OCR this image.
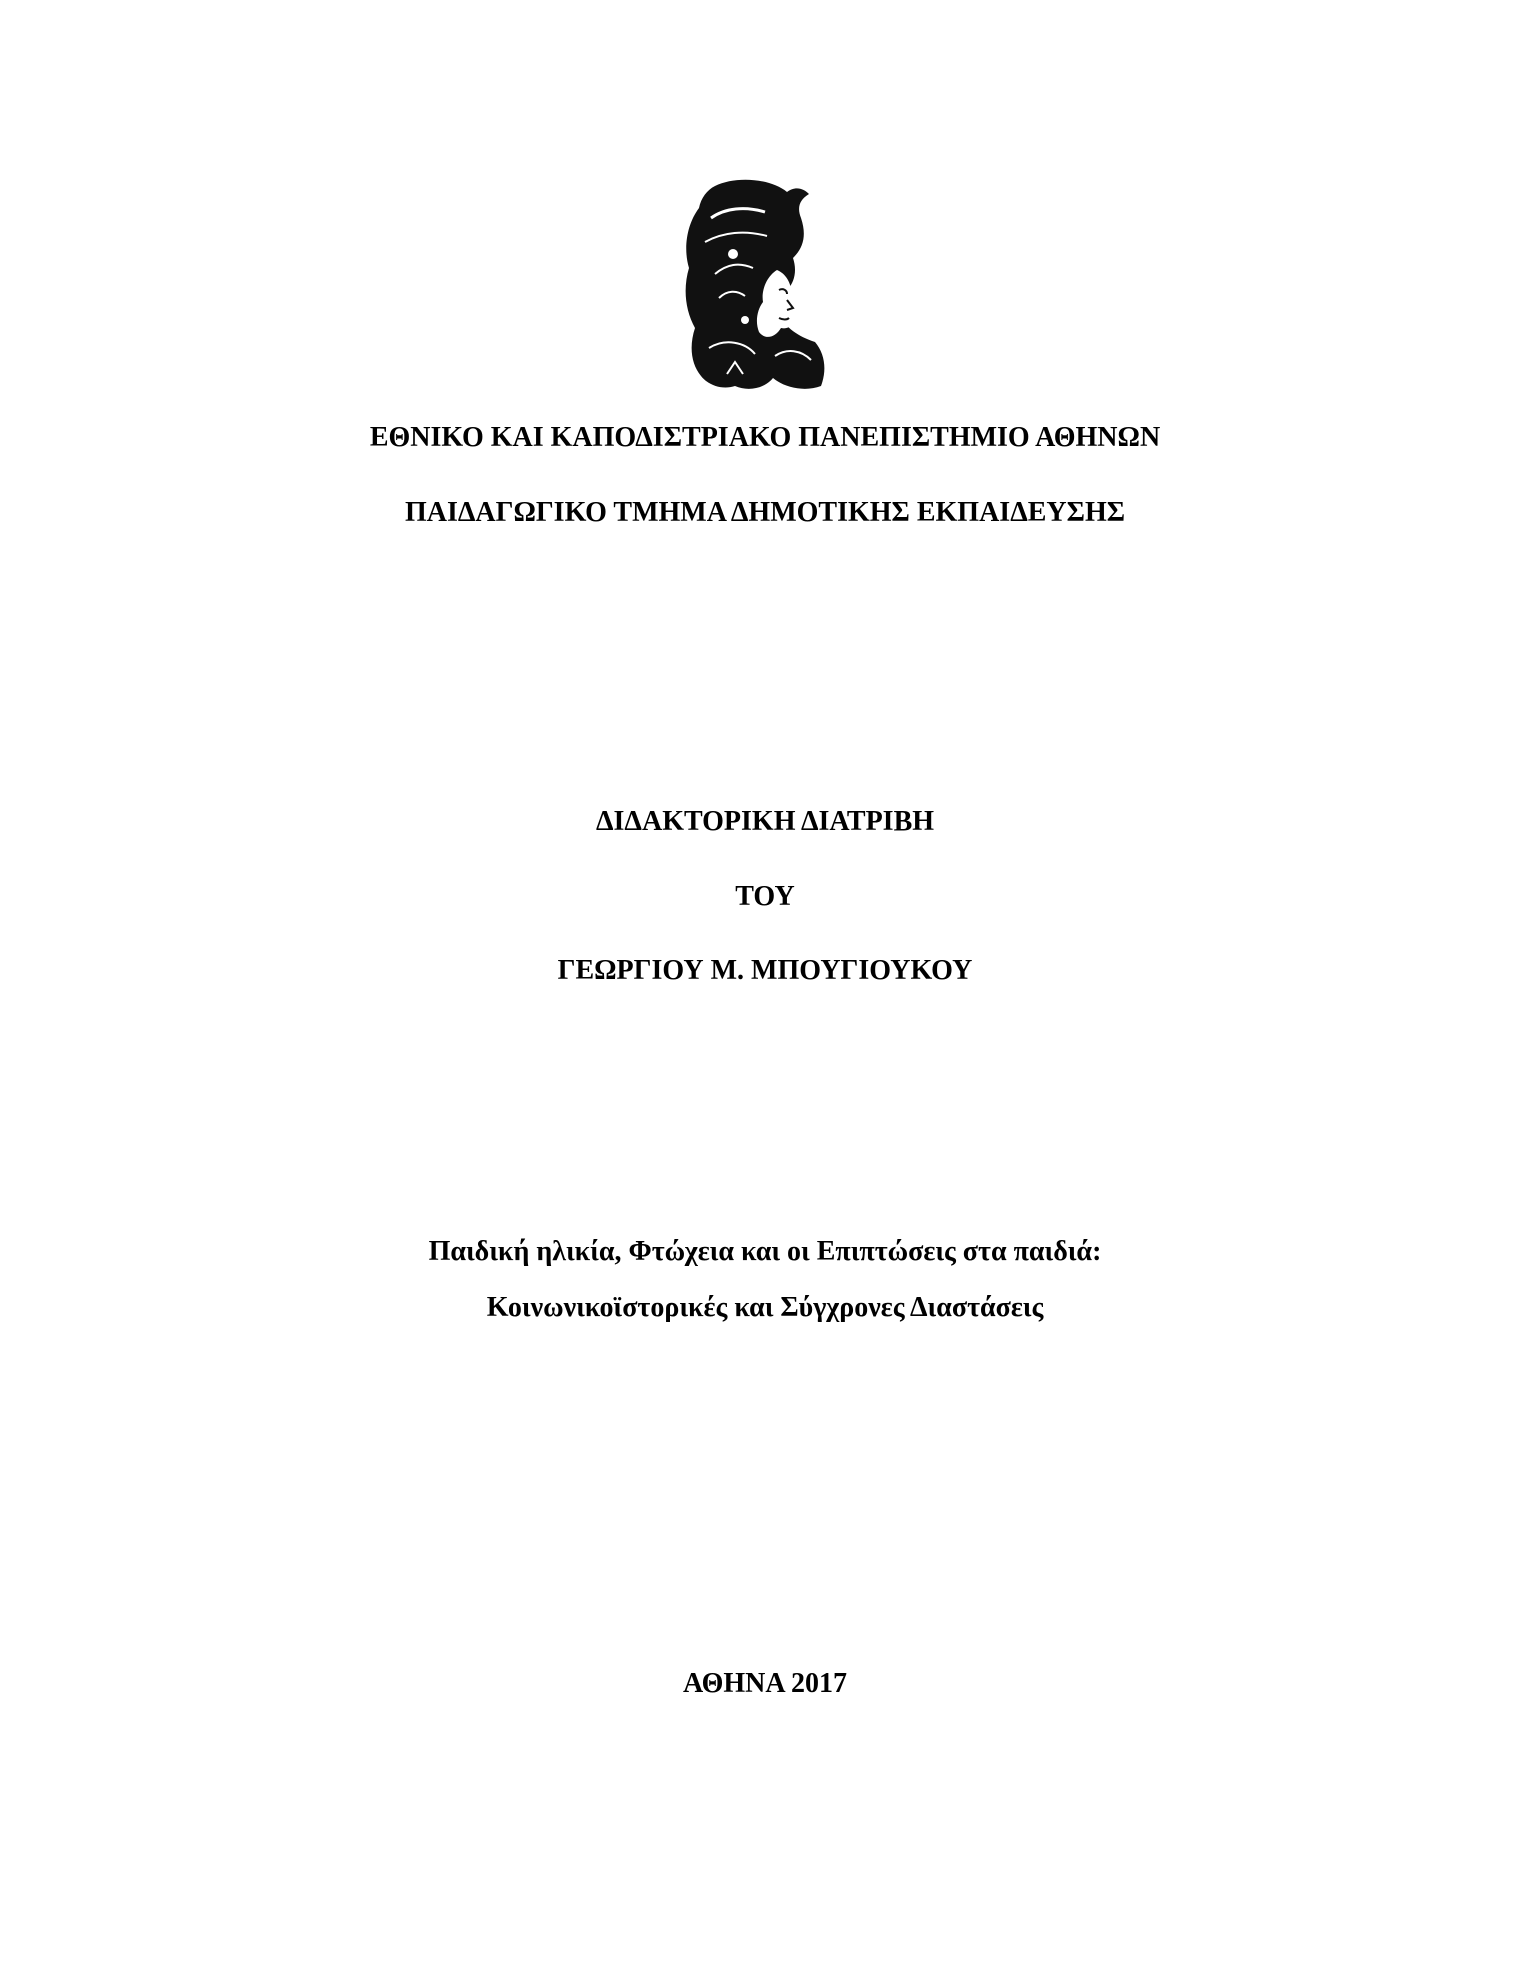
ΕΘΝΙΚΟ ΚΑΙ ΚΑΠΟΔΙΣΤΡΙΑΚΟ ΠΑΝΕΠΙΣΤΗΜΙΟ ΑΘΗΝΩΝ
ΠΑΙΔΑΓΩΓΙΚΟ ΤΜΗΜΑ ΔΗΜΟΤΙΚΗΣ ΕΚΠΑΙΔΕΥΣΗΣ
ΔΙΔΑΚΤΟΡΙΚΗ ΔΙΑΤΡΙΒΗ
ΤΟΥ
ΓΕΩΡΓΙΟΥ Μ. ΜΠΟΥΓΙΟΥΚΟΥ
Παιδική ηλικία, Φτώχεια και οι Επιπτώσεις στα παιδιά:
Κοινωνικοϊστορικές και Σύγχρονες Διαστάσεις
ΑΘΗΝΑ 2017
